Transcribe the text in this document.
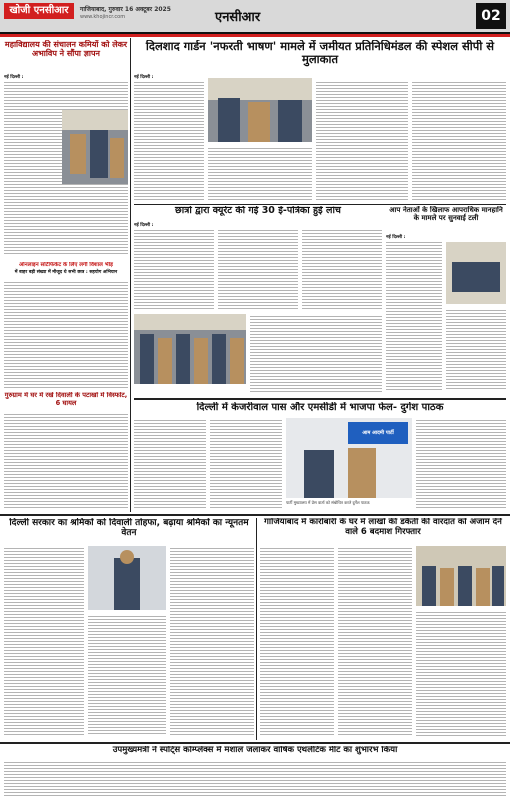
खोजी एनसीआर	गाजियाबाद, गुरुवार 16 अक्टूबर 2025
www.khojincr.com	एनसीआर	02
महाविद्यालय की संचालन कमियों को लेकर अभाविप ने सौंपा ज्ञापन
नई दिल्ली :
ऑनलाइन सर्टिफिकेट के लिए लगी विशाल भीड़
में बाहर बड़ी संख्या में मौजूद थे सभी छात्र : सहयोग अभियान
गुरुग्राम में घर में रखे दिवाली के पटाखों में विस्फोट, 6 घायल
दिलशाद गार्डन 'नफरती भाषण' मामले में जमीयत प्रतिनिधिमंडल की स्पेशल सीपी से मुलाकात
नई दिल्ली :
छात्रों द्वारा क्यूरेट की गई 30 ई-पत्रिका हुई लांच
नई दिल्ली :
आप नेताओं के खिलाफ आपराधिक मानहानि के मामले पर सुनवाई टली
नई दिल्ली :
दिल्ली में केजरीवाल पास और एमसीडी में भाजपा फेल- दुर्गेश पाठक
आम आदमी पार्टी
पार्टी मुख्यालय में प्रेस वार्ता को संबोधित करते दुर्गेश पाठक
दिल्ली सरकार का श्रमिकों को दिवाली तोहफा, बढ़ाया श्रमिकों का न्यूनतम वेतन
गाजियाबाद में कारोबारी के घर में लाखों की डकैती की वारदात को अंजाम देने वाले 6 बदमाश गिरफ्तार
उपमुख्यमंत्री ने स्पोर्ट्स कॉम्प्लेक्स में मशाल जलाकर वार्षिक एथलेटिक मीट का शुभारंभ किया
